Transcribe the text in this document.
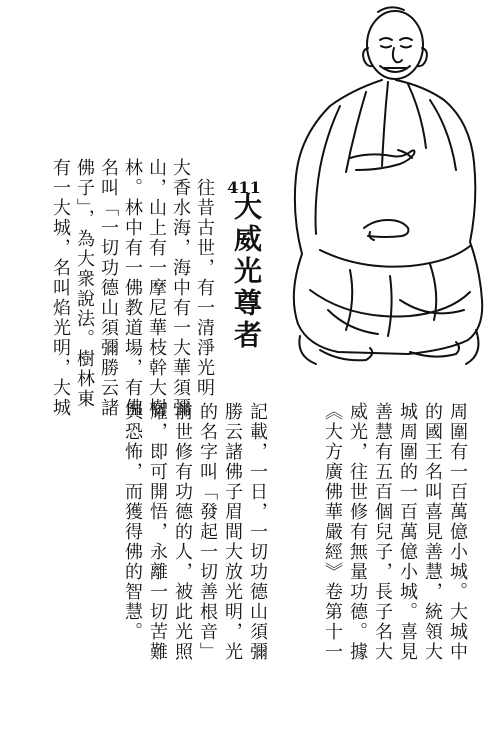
411
大威光尊者
往昔古世，有一清淨光明
大香水海，海中有一大華須彌
山，山上有一摩尼華枝幹大樹
林。林中有一佛教道場，有佛
名叫「一切功德山須彌勝云諸
佛子」，為大衆說法。樹林東
有一大城，名叫焰光明，大城
周圍有一百萬億小城。大城中
的國王名叫喜見善慧，統領大
城周圍的一百萬億小城。喜見
善慧有五百個兒子，長子名大
威光，往世修有無量功德。據
《大方廣佛華嚴經》卷第十一
記載，一日，一切功德山須彌
勝云諸佛子眉間大放光明，光
的名字叫「發起一切善根音」
前世修有功德的人，被此光照
耀，即可開悟，永離一切苦難
與恐怖，而獲得佛的智慧。
